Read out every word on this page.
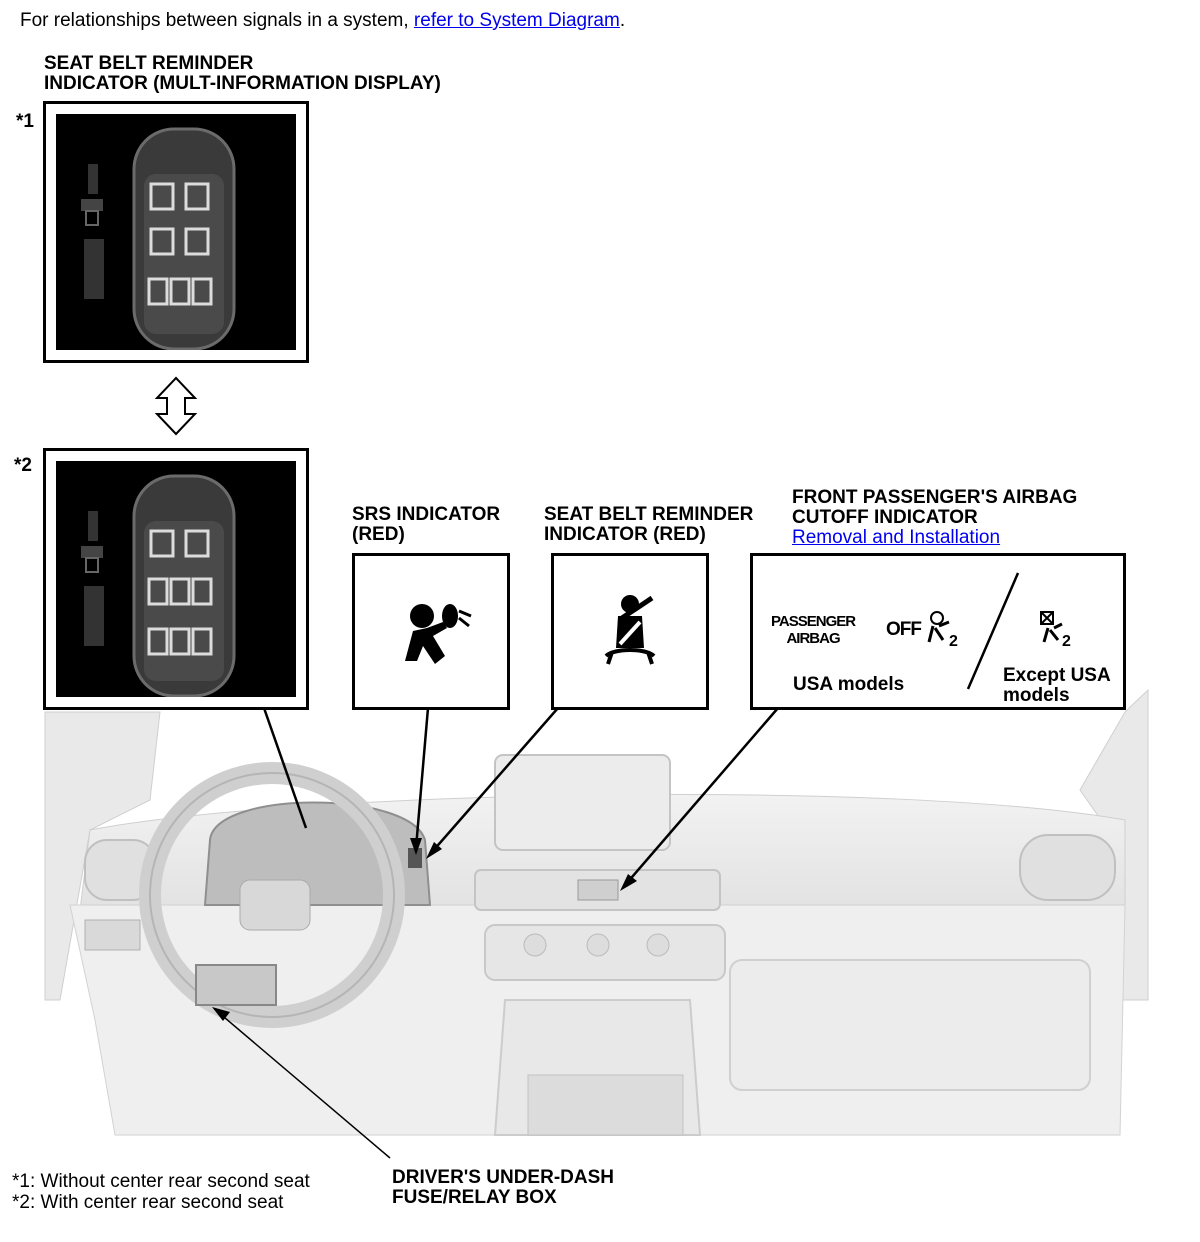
For relationships between signals in a system, refer to System Diagram.
SEAT BELT REMINDER
INDICATOR (MULT-INFORMATION DISPLAY)
*1
*2
SRS INDICATOR
(RED)
SEAT BELT REMINDER
INDICATOR (RED)
FRONT PASSENGER'S AIRBAG
CUTOFF INDICATOR
Removal and Installation
PASSENGER
AIRBAG	OFF
2	2
USA models	Except USA
models
*1: Without center rear second seat
*2: With center rear second seat
DRIVER'S UNDER-DASH
FUSE/RELAY BOX
